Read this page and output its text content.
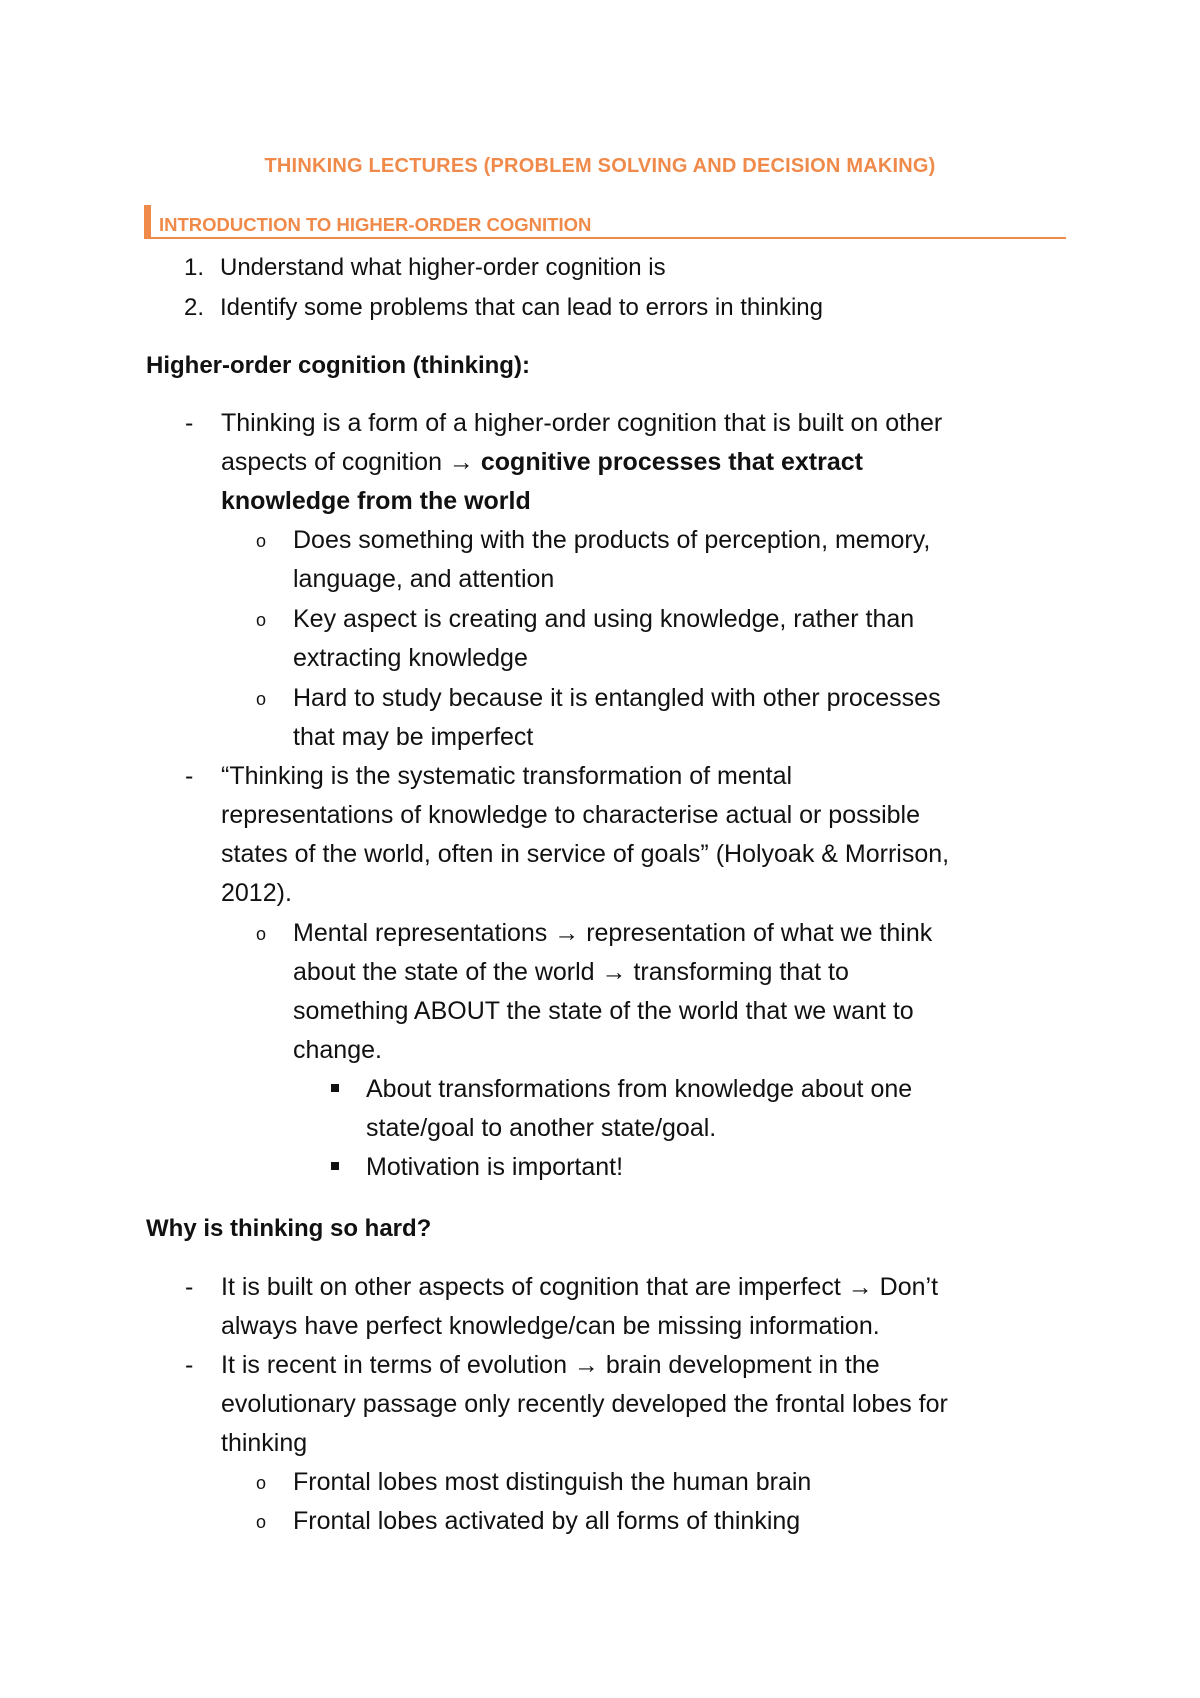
THINKING LECTURES (PROBLEM SOLVING AND DECISION MAKING)
INTRODUCTION TO HIGHER-ORDER COGNITION
1. Understand what higher-order cognition is
2. Identify some problems that can lead to errors in thinking
Higher-order cognition (thinking):
- Thinking is a form of a higher-order cognition that is built on other

aspects of cognition → cognitive processes that extract

knowledge from the world

o Does something with the products of perception, memory,

language, and attention

o Key aspect is creating and using knowledge, rather than

extracting knowledge

o Hard to study because it is entangled with other processes

that may be imperfect

- “Thinking is the systematic transformation of mental

representations of knowledge to characterise actual or possible

states of the world, often in service of goals” (Holyoak & Morrison,

2012).

o Mental representations → representation of what we think

about the state of the world → transforming that to

something ABOUT the state of the world that we want to

change.

About transformations from knowledge about one

state/goal to another state/goal.

Motivation is important!

Why is thinking so hard?
- It is built on other aspects of cognition that are imperfect → Don’t

always have perfect knowledge/can be missing information.

- It is recent in terms of evolution → brain development in the

evolutionary passage only recently developed the frontal lobes for

thinking

o Frontal lobes most distinguish the human brain

o Frontal lobes activated by all forms of thinking
